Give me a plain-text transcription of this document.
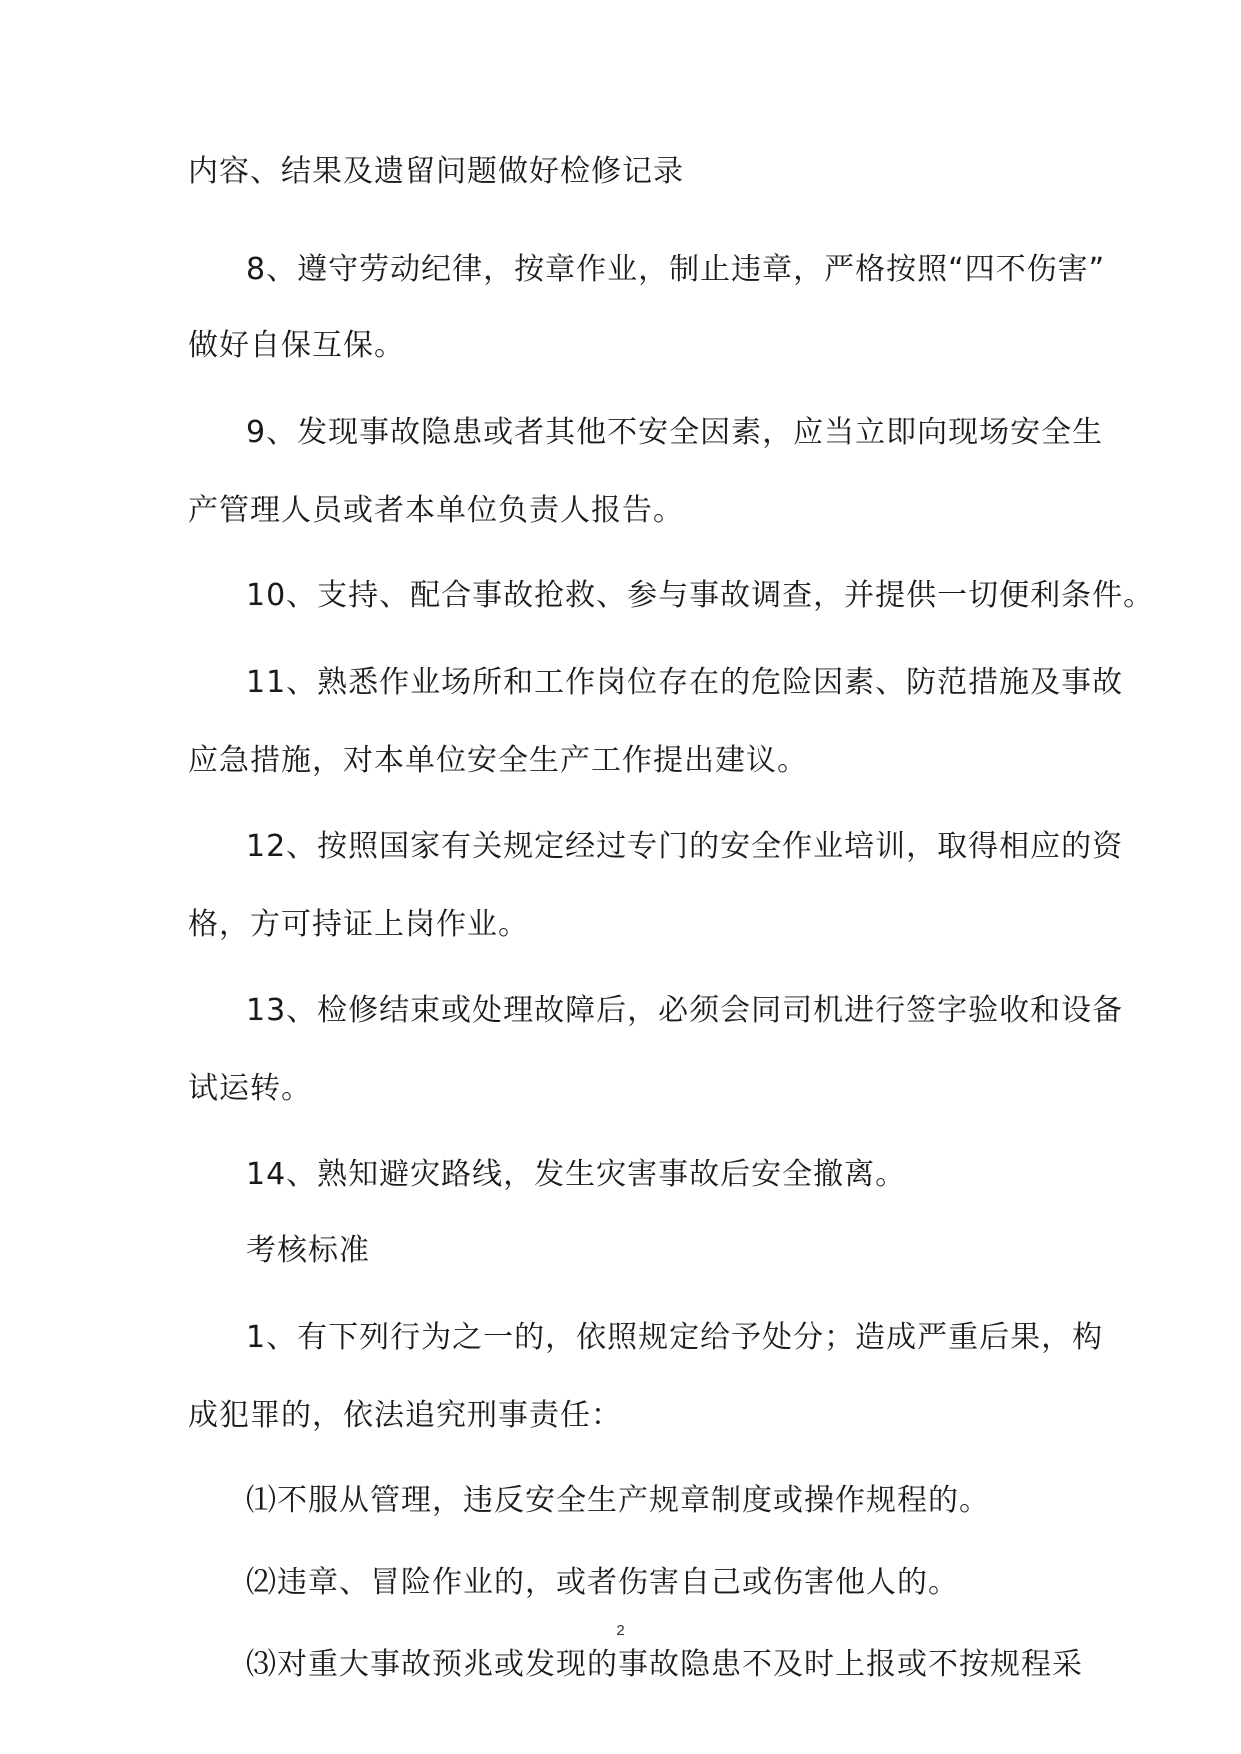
内容、结果及遗留问题做好检修记录
8、遵守劳动纪律，按章作业，制止违章，严格按照“四不伤害”
做好自保互保。
9、发现事故隐患或者其他不安全因素，应当立即向现场安全生
产管理人员或者本单位负责人报告。
10、支持、配合事故抢救、参与事故调查，并提供一切便利条件。
11、熟悉作业场所和工作岗位存在的危险因素、防范措施及事故
应急措施，对本单位安全生产工作提出建议。
12、按照国家有关规定经过专门的安全作业培训，取得相应的资
格，方可持证上岗作业。
13、检修结束或处理故障后，必须会同司机进行签字验收和设备
试运转。
14、熟知避灾路线，发生灾害事故后安全撤离。
考核标准
1、有下列行为之一的，依照规定给予处分；造成严重后果，构
成犯罪的，依法追究刑事责任：
⑴不服从管理，违反安全生产规章制度或操作规程的。
⑵违章、冒险作业的，或者伤害自己或伤害他人的。
⑶对重大事故预兆或发现的事故隐患不及时上报或不按规程采
2
